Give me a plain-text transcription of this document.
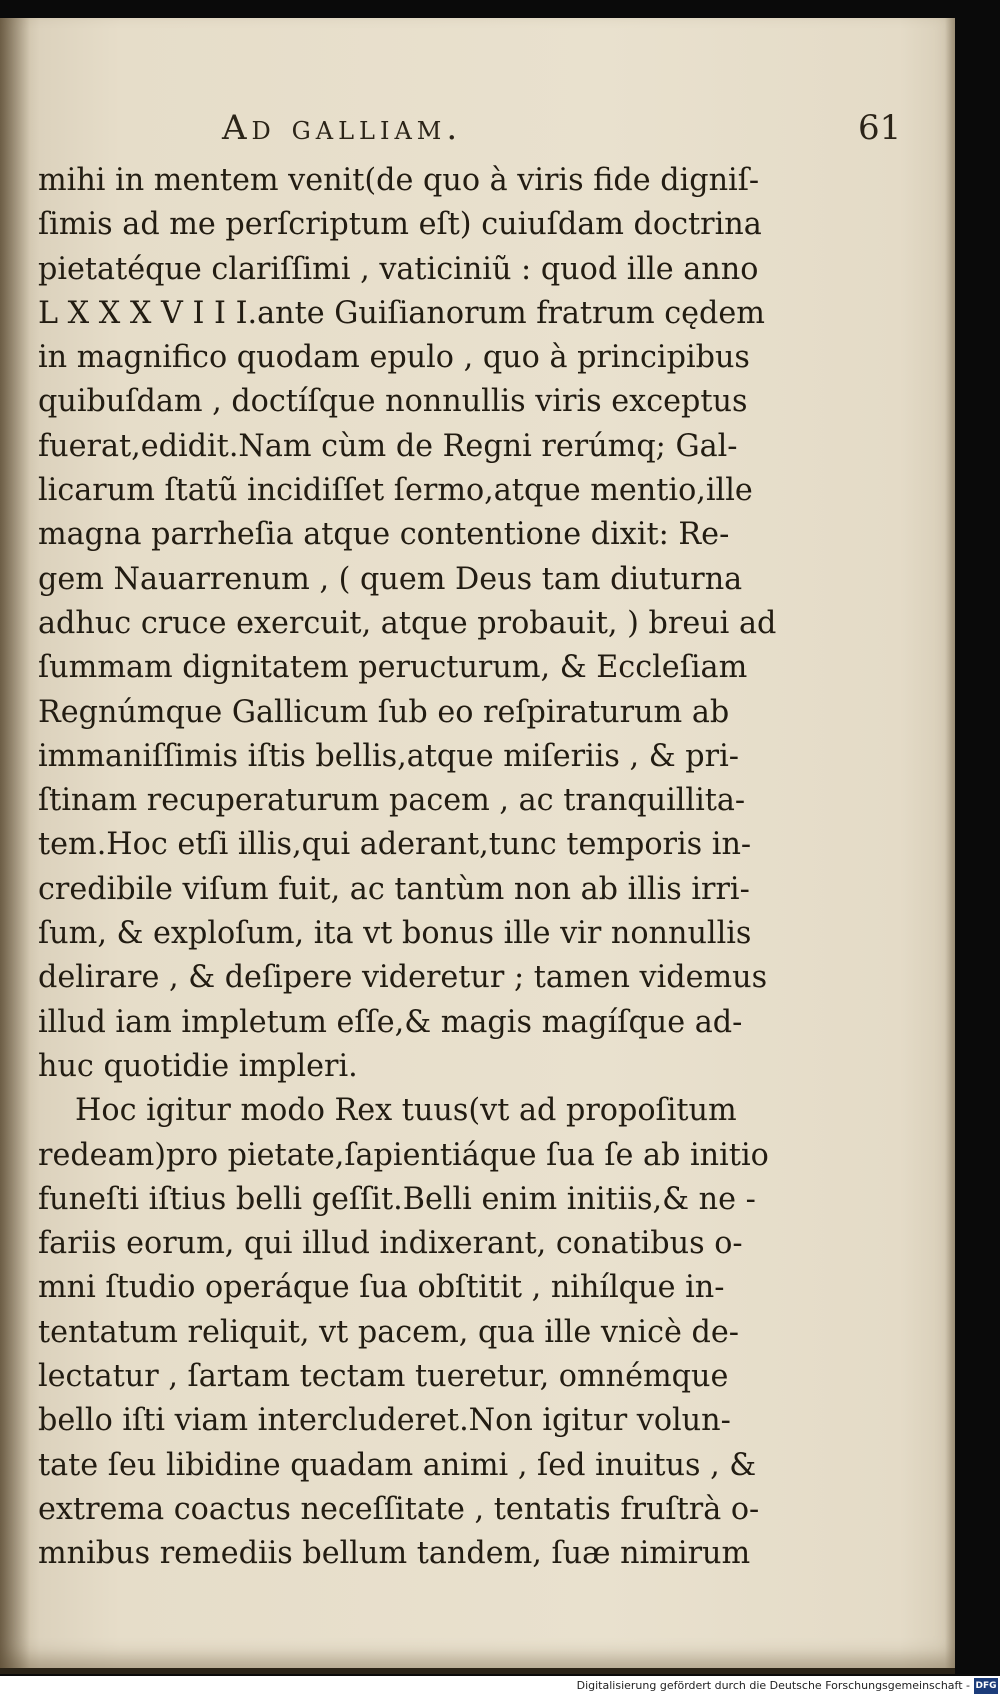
Ad galliam.	61
mihi in mentem venit(de quo à viris fide digniſ-
ſimis ad me perſcriptum eſt) cuiuſdam doctrina
pietatéque clariſſimi , vaticiniũ : quod ille anno
L X X X V I I I.ante Guiſianorum fratrum cędem
in magnifico quodam epulo , quo à principibus
quibuſdam , doctíſque nonnullis viris exceptus
fuerat,edidit.Nam cùm de Regni rerúmq; Gal-
licarum ſtatũ incidiſſet ſermo,atque mentio,ille
magna parrheſia atque contentione dixit: Re-
gem Nauarrenum , ( quem Deus tam diuturna
adhuc cruce exercuit, atque probauit, ) breui ad
ſummam dignitatem peructurum, & Eccleſiam
Regnúmque Gallicum ſub eo reſpiraturum ab
immaniſſimis iſtis bellis,atque miſeriis , & pri-
ſtinam recuperaturum pacem , ac tranquillita-
tem.Hoc etſi illis,qui aderant,tunc temporis in-
credibile viſum fuit, ac tantùm non ab illis irri-
ſum, & exploſum, ita vt bonus ille vir nonnullis
delirare , & deſipere videretur ; tamen videmus
illud iam impletum eſſe,& magis magíſque ad-
huc quotidie impleri.
Hoc igitur modo Rex tuus(vt ad propoſitum
redeam)pro pietate,ſapientiáque ſua ſe ab initio
funeſti iſtius belli geſſit.Belli enim initiis,& ne -
fariis eorum, qui illud indixerant, conatibus o-
mni ſtudio operáque ſua obſtitit , nihílque in-
tentatum reliquit, vt pacem, qua ille vnicè de-
lectatur , ſartam tectam tueretur, omnémque
bello iſti viam intercluderet.Non igitur volun-
tate ſeu libidine quadam animi , ſed inuitus , &
extrema coactus neceſſitate , tentatis fruſtrà o-
mnibus remediis bellum tandem, ſuæ nimirum
Digitalisierung gefördert durch die Deutsche Forschungsgemeinschaft - DFG
